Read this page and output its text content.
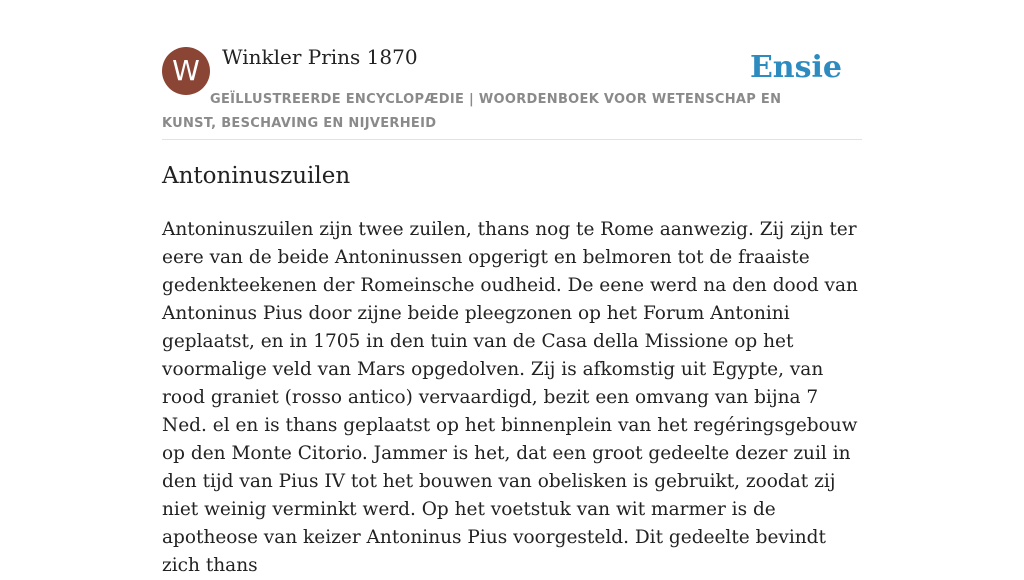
W	Winkler Prins 1870	Ensie
GEÏLLUSTREERDE ENCYCLOPÆDIE | WOORDENBOEK VOOR WETENSCHAP EN KUNST, BESCHAVING EN NIJVERHEID
Antoninuszuilen

Antoninuszuilen zijn twee zuilen, thans nog te Rome aanwezig. Zij zijn ter eere van de beide Antoninussen opgerigt en belmoren tot de fraaiste gedenkteekenen der Romeinsche oudheid. De eene werd na den dood van Antoninus Pius door zijne beide pleegzonen op het Forum Antonini geplaatst, en in 1705 in den tuin van de Casa della Missione op het voormalige veld van Mars opgedolven. Zij is afkomstig uit Egypte, van rood graniet (rosso antico) vervaardigd, bezit een omvang van bijna 7 Ned. el en is thans geplaatst op het binnenplein van het regéringsgebouw op den Monte Citorio. Jammer is het, dat een groot gedeelte dezer zuil in den tijd van Pius IV tot het bouwen van obelisken is gebruikt, zoodat zij niet weinig verminkt werd. Op het voetstuk van wit marmer is de apotheose van keizer Antoninus Pius voorgesteld. Dit gedeelte bevindt zich thans
